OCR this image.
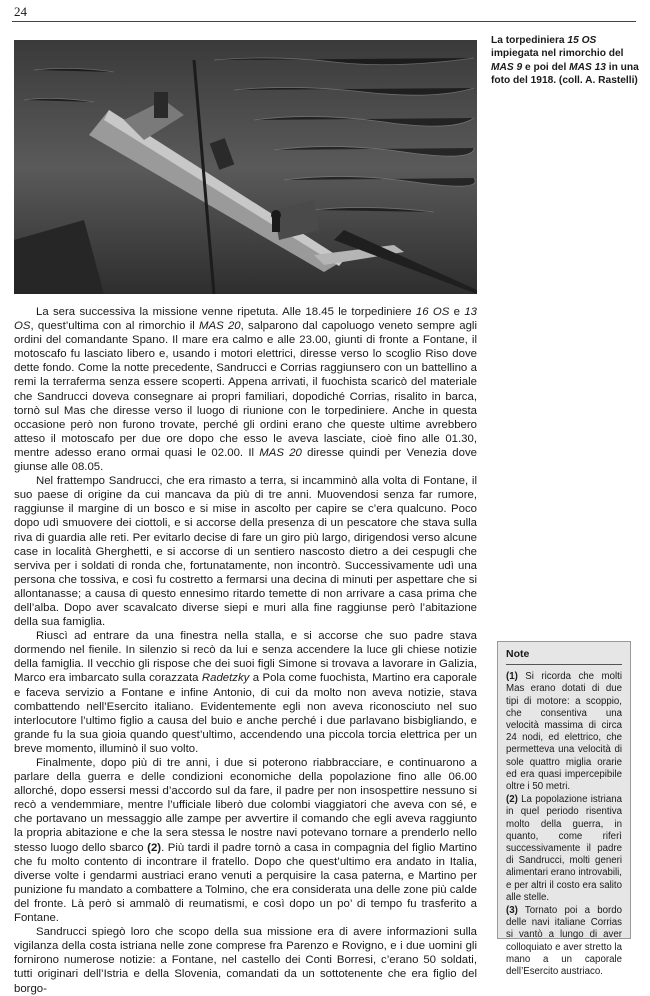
24
La torpediniera 15 OS impiegata nel rimorchio del MAS 9 e poi del MAS 13 in una foto del 1918. (coll. A. Rastelli)

La sera successiva la missione venne ripetuta. Alle 18.45 le torpediniere 16 OS e 13 OS, quest’ultima con al rimorchio il MAS 20, salparono dal capoluogo veneto sempre agli ordini del comandante Spano. Il mare era calmo e alle 23.00, giunti di fronte a Fontane, il motoscafo fu lasciato libero e, usando i motori elettrici, diresse verso lo scoglio Riso dove dette fondo. Come la notte precedente, Sandrucci e Corrias raggiunsero con un battellino a remi la terraferma senza essere scoperti. Appena arrivati, il fuochista scaricò del materiale che Sandrucci doveva consegnare ai propri familiari, dopodiché Corrias, risalito in barca, tornò sul Mas che diresse verso il luogo di riunione con le torpediniere. Anche in questa occasione però non furono trovate, perché gli ordini erano che queste ultime avrebbero atteso il motoscafo per due ore dopo che esso le aveva lasciate, cioè fino alle 01.30, mentre adesso erano ormai quasi le 02.00. Il MAS 20 diresse quindi per Venezia dove giunse alle 08.05.

Nel frattempo Sandrucci, che era rimasto a terra, si incamminò alla volta di Fontane, il suo paese di origine da cui mancava da più di tre anni. Muovendosi senza far rumore, raggiunse il margine di un bosco e si mise in ascolto per capire se c’era qualcuno. Poco dopo udì smuovere dei ciottoli, e si accorse della presenza di un pescatore che stava sulla riva di guardia alle reti. Per evitarlo decise di fare un giro più largo, dirigendosi verso alcune case in località Gherghetti, e si accorse di un sentiero nascosto dietro a dei cespugli che serviva per i soldati di ronda che, fortunatamente, non incontrò. Successivamente udì una persona che tossiva, e così fu costretto a fermarsi una decina di minuti per aspettare che si allontanasse; a causa di questo ennesimo ritardo temette di non arrivare a casa prima che dell’alba. Dopo aver scavalcato diverse siepi e muri alla fine raggiunse però l’abitazione della sua famiglia.

Riuscì ad entrare da una finestra nella stalla, e si accorse che suo padre stava dormendo nel fienile. In silenzio si recò da lui e senza accendere la luce gli chiese notizie della famiglia. Il vecchio gli rispose che dei suoi figli Simone si trovava a lavorare in Galizia, Marco era imbarcato sulla corazzata Radetzky a Pola come fuochista, Martino era caporale e faceva servizio a Fontane e infine Antonio, di cui da molto non aveva notizie, stava combattendo nell’Esercito italiano. Evidentemente egli non aveva riconosciuto nel suo interlocutore l’ultimo figlio a causa del buio e anche perché i due parlavano bisbigliando, e grande fu la sua gioia quando quest’ultimo, accendendo una piccola torcia elettrica per un breve momento, illuminò il suo volto.

Finalmente, dopo più di tre anni, i due si poterono riabbracciare, e continuarono a parlare della guerra e delle condizioni economiche della popolazione fino alle 06.00 allorché, dopo essersi messi d’accordo sul da fare, il padre per non insospettire nessuno si recò a vendemmiare, mentre l’ufficiale liberò due colombi viaggiatori che aveva con sé, e che portavano un messaggio alle zampe per avvertire il comando che egli aveva raggiunto la propria abitazione e che la sera stessa le nostre navi potevano tornare a prenderlo nello stesso luogo dello sbarco (2). Più tardi il padre tornò a casa in compagnia del figlio Martino che fu molto contento di incontrare il fratello. Dopo che quest’ultimo era andato in Italia, diverse volte i gendarmi austriaci erano venuti a perquisire la casa paterna, e Martino per punizione fu mandato a combattere a Tolmino, che era considerata una delle zone più calde del fronte. Là però si ammalò di reumatismi, e così dopo un po’ di tempo fu trasferito a Fontane.

Sandrucci spiegò loro che scopo della sua missione era di avere informazioni sulla vigilanza della costa istriana nelle zone comprese fra Parenzo e Rovigno, e i due uomini gli fornirono numerose notizie: a Fontane, nel castello dei Conti Borresi, c’erano 50 soldati, tutti originari dell’Istria e della Slovenia, comandati da un sottotenente che era figlio del borgo-

Note
(1) Si ricorda che molti Mas erano dotati di due tipi di motore: a scoppio, che consentiva una velocità massima di circa 24 nodi, ed elettrico, che permetteva una velocità di sole quattro miglia orarie ed era quasi impercepibile oltre i 50 metri.
(2) La popolazione istriana in quel periodo risentiva molto della guerra, in quanto, come riferì successivamente il padre di Sandrucci, molti generi alimentari erano introvabili, e per altri il costo era salito alle stelle.
(3) Tornato poi a bordo delle navi italiane Corrias si vantò a lungo di aver colloquiato e aver stretto la mano a un caporale dell’Esercito austriaco.
